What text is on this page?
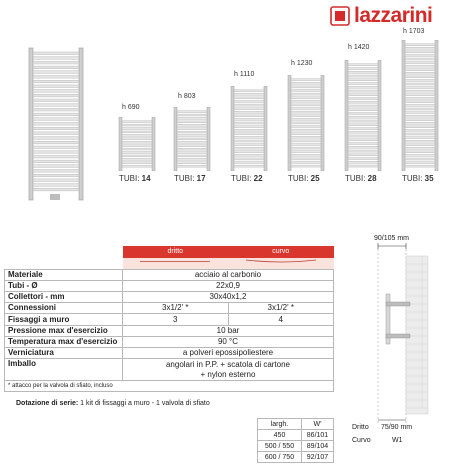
lazzarini
h 690
h 803
h 1110
h 1230
h 1420
h 1703
TUBI: 14	TUBI: 17	TUBI: 22	TUBI: 25	TUBI: 28	TUBI: 35
	dritto	curvo

Materiale	acciaio al carbonio	
Tubi - Ø	22x0,9	
Collettori - mm	30x40x1,2	
Connessioni	3x1/2' *	3x1/2' *
Fissaggi a muro	3	4
Pressione max d'esercizio	10 bar	
Temperatura max d'esercizio	90 °C	
Verniciatura	a polveri epossipoliestere	
Imballo	angolari in P.P. + scatola di cartone
+ nylon esterno	

* attacco per la valvola di sfiato, incluso		
Dotazione di serie: 1 kit di fissaggi a muro - 1 valvola di sfiato
largh.	W'
450	86/101
500 / 550	89/104
600 / 750	92/107
90/105 mm
Dritto 75/90 mm
Curvo	W1
